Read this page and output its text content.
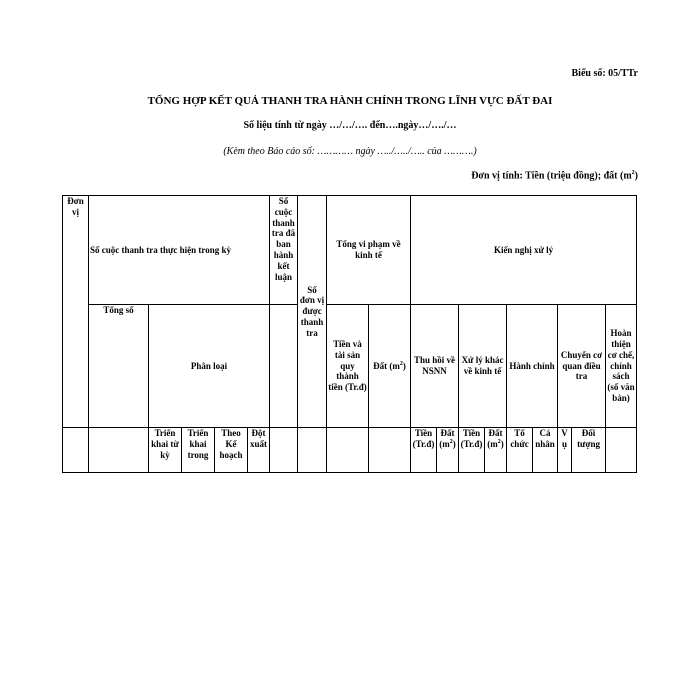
Biểu số: 05/TTr
TỔNG HỢP KẾT QUẢ THANH TRA HÀNH CHÍNH TRONG LĨNH VỰC ĐẤT ĐAI
Số liệu tính từ ngày …/…/…. đến….ngày…/…./…
(Kèm theo Báo cáo số: ………… ngày …../…../….. của ……….)
Đơn vị tính: Tiền (triệu đồng); đất $(m^2)$
Đơn vị	Số cuộc thanh tra thực hiện trong kỳ					Số cuộc thanh tra đã ban hành kết luận	Số đơn vị được thanh tra	Tổng vi phạm về kinh tế		Kiến nghị xử lý								
	Tổng số	Phân loại						Tiền và tài sản quy thành tiền (Tr.đ)	Đất $(m^2)$	Thu hồi về NSNN		Xử lý khác về kinh tế		Hành chính		Chuyển cơ quan điều tra		Hoàn thiện cơ chế, chính sách (số văn bản)
		Triển khai từ kỳ	Triển khai trong	Theo Kế hoạch	Đột xuất					Tiền (Tr.đ)	Đất $(m^2)$	Tiền (Tr.đ)	Đất $(m^2)$	Tổ chức	Cá nhân	Vụ	Đối tượng	
